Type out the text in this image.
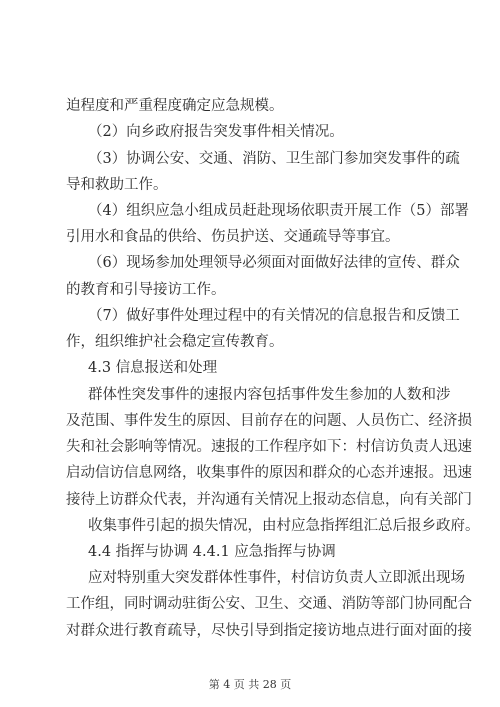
迫程度和严重程度确定应急规模。
（2）向乡政府报告突发事件相关情况。
（3）协调公安、交通、消防、卫生部门参加突发事件的疏
导和救助工作。
（4）组织应急小组成员赶赴现场依职责开展工作（5）部署
引用水和食品的供给、伤员护送、交通疏导等事宜。
（6）现场参加处理领导必须面对面做好法律的宣传、群众
的教育和引导接访工作。
（7）做好事件处理过程中的有关情况的信息报告和反馈工
作，组织维护社会稳定宣传教育。
4.3 信息报送和处理
群体性突发事件的速报内容包括事件发生参加的人数和涉
及范围、事件发生的原因、目前存在的问题、人员伤亡、经济损
失和社会影响等情况。速报的工作程序如下：村信访负责人迅速
启动信访信息网络，收集事件的原因和群众的心态并速报。迅速
接待上访群众代表，并沟通有关情况上报动态信息，向有关部门
收集事件引起的损失情况，由村应急指挥组汇总后报乡政府。
4.4 指挥与协调 4.4.1 应急指挥与协调
应对特别重大突发群体性事件，村信访负责人立即派出现场
工作组，同时调动驻街公安、卫生、交通、消防等部门协同配合
对群众进行教育疏导，尽快引导到指定接访地点进行面对面的接
第 4 页 共 28 页
